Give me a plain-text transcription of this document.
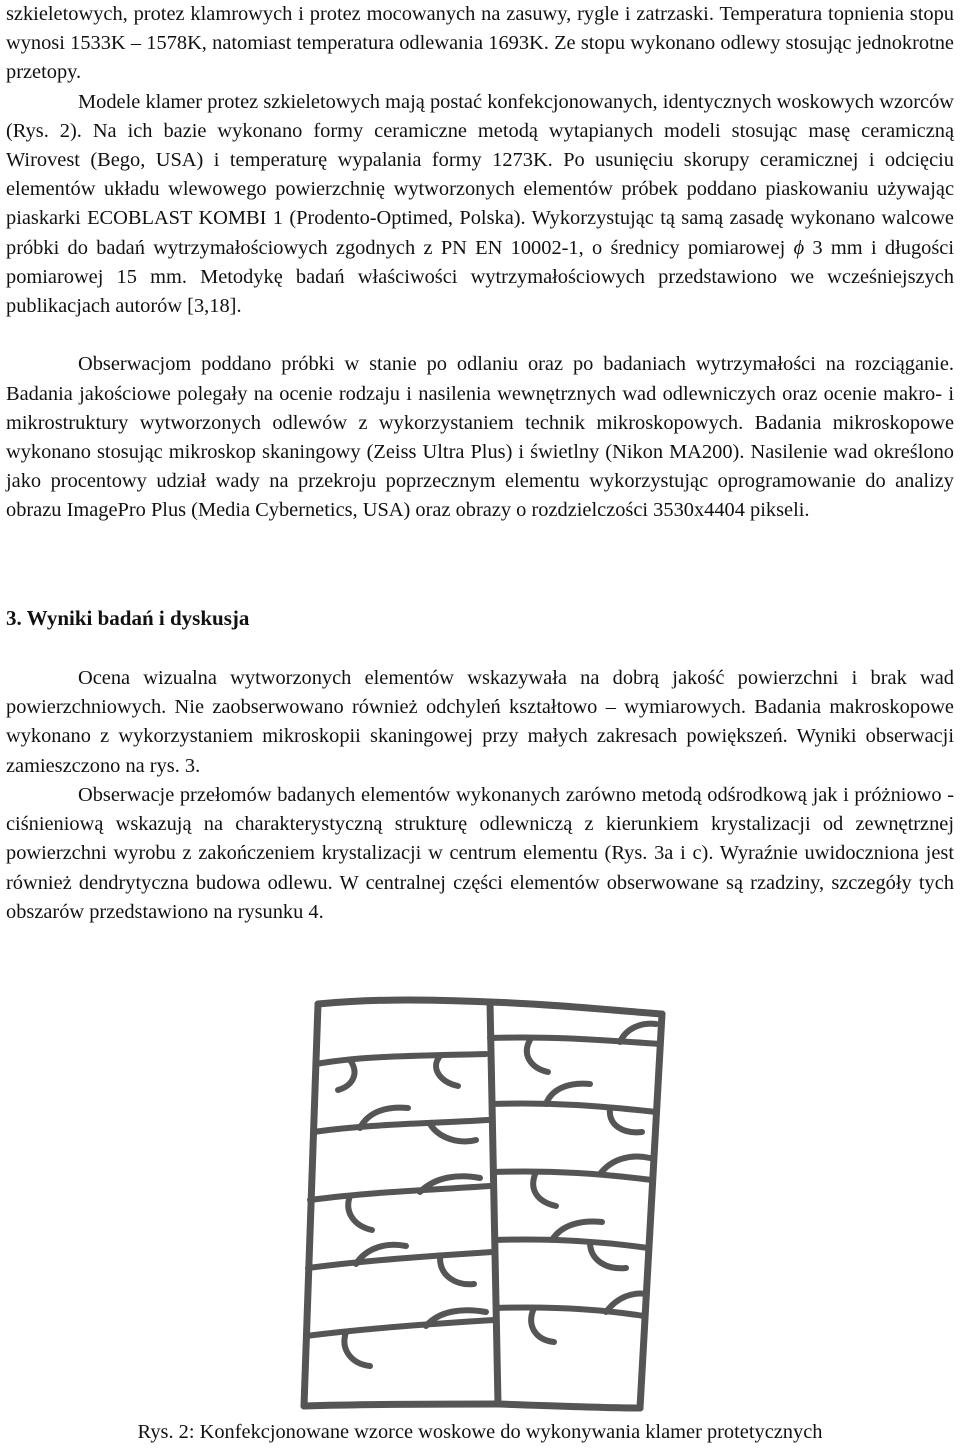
szkieletowych, protez klamrowych i protez mocowanych na zasuwy, rygle i zatrzaski. Temperatura topnienia stopu wynosi 1533K – 1578K, natomiast temperatura odlewania 1693K. Ze stopu wykonano odlewy stosując jednokrotne przetopy.

Modele klamer protez szkieletowych mają postać konfekcjonowanych, identycznych woskowych wzorców (Rys. 2). Na ich bazie wykonano formy ceramiczne metodą wytapianych modeli stosując masę ceramiczną Wirovest (Bego, USA) i temperaturę wypalania formy 1273K. Po usunięciu skorupy ceramicznej i odcięciu elementów układu wlewowego powierzchnię wytworzonych elementów próbek poddano piaskowaniu używając piaskarki ECOBLAST KOMBI 1 (Prodento-Optimed, Polska). Wykorzystując tą samą zasadę wykonano walcowe próbki do badań wytrzymałościowych zgodnych z PN EN 10002-1, o średnicy pomiarowej ϕ 3 mm i długości pomiarowej 15 mm. Metodykę badań właściwości wytrzymałościowych przedstawiono we wcześniejszych publikacjach autorów [3,18].

Obserwacjom poddano próbki w stanie po odlaniu oraz po badaniach wytrzymałości na rozciąganie. Badania jakościowe polegały na ocenie rodzaju i nasilenia wewnętrznych wad odlewniczych oraz ocenie makro- i mikrostruktury wytworzonych odlewów z wykorzystaniem technik mikroskopowych. Badania mikroskopowe wykonano stosując mikroskop skaningowy (Zeiss Ultra Plus) i świetlny (Nikon MA200). Nasilenie wad określono jako procentowy udział wady na przekroju poprzecznym elementu wykorzystując oprogramowanie do analizy obrazu ImagePro Plus (Media Cybernetics, USA) oraz obrazy o rozdzielczości 3530x4404 pikseli.

3. Wyniki badań i dyskusja

Ocena wizualna wytworzonych elementów wskazywała na dobrą jakość powierzchni i brak wad powierzchniowych. Nie zaobserwowano również odchyleń kształtowo – wymiarowych. Badania makroskopowe wykonano z wykorzystaniem mikroskopii skaningowej przy małych zakresach powiększeń. Wyniki obserwacji zamieszczono na rys. 3.

Obserwacje przełomów badanych elementów wykonanych zarówno metodą odśrodkową jak i próżniowo - ciśnieniową wskazują na charakterystyczną strukturę odlewniczą z kierunkiem krystalizacji od zewnętrznej powierzchni wyrobu z zakończeniem krystalizacji w centrum elementu (Rys. 3a i c). Wyraźnie uwidoczniona jest również dendrytyczna budowa odlewu. W centralnej części elementów obserwowane są rzadziny, szczegóły tych obszarów przedstawiono na rysunku 4.

Rys. 2: Konfekcjonowane wzorce woskowe do wykonywania klamer protetycznych
